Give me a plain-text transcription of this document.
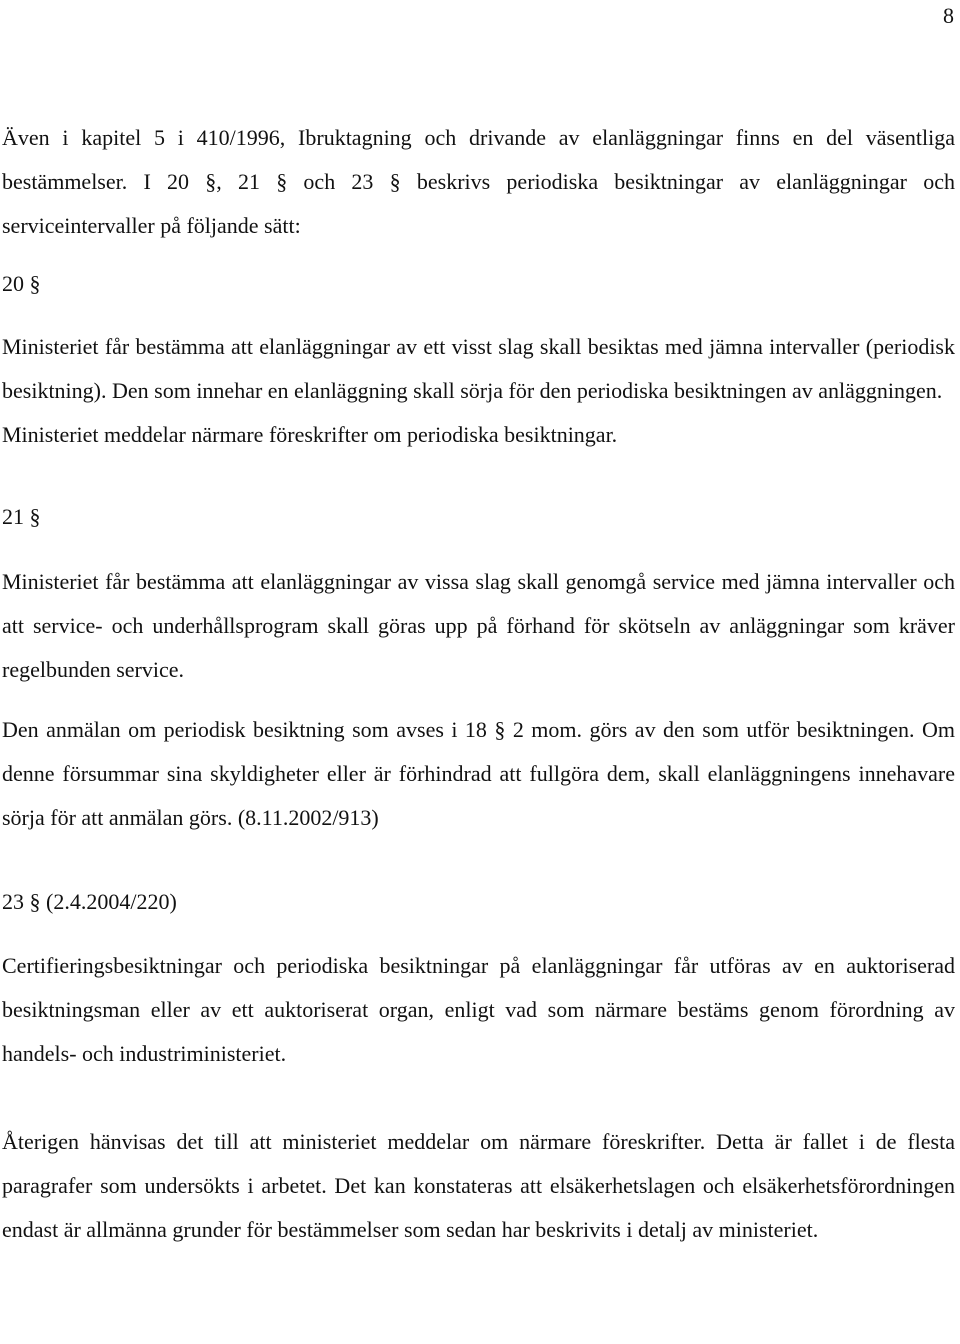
8

Även i kapitel 5 i 410/1996, Ibruktagning och drivande av elanläggningar finns en del väsentliga bestämmelser. I 20 §, 21 § och 23 § beskrivs periodiska besiktningar av elanläggningar och serviceintervaller på följande sätt:

20 §

Ministeriet får bestämma att elanläggningar av ett visst slag skall besiktas med jämna intervaller (periodisk besiktning). Den som innehar en elanläggning skall sörja för den periodiska besiktningen av anläggningen.

Ministeriet meddelar närmare föreskrifter om periodiska besiktningar.

21 §

Ministeriet får bestämma att elanläggningar av vissa slag skall genomgå service med jämna intervaller och att service- och underhållsprogram skall göras upp på förhand för skötseln av anläggningar som kräver regelbunden service.

Den anmälan om periodisk besiktning som avses i 18 § 2 mom. görs av den som utför besiktningen. Om denne försummar sina skyldigheter eller är förhindrad att fullgöra dem, skall elanläggningens innehavare sörja för att anmälan görs. (8.11.2002/913)

23 § (2.4.2004/220)

Certifieringsbesiktningar och periodiska besiktningar på elanläggningar får utföras av en auktoriserad besiktningsman eller av ett auktoriserat organ, enligt vad som närmare bestäms genom förordning av handels- och industriministeriet.

Återigen hänvisas det till att ministeriet meddelar om närmare föreskrifter. Detta är fallet i de flesta paragrafer som undersökts i arbetet. Det kan konstateras att elsäkerhetslagen och elsäkerhetsförordningen endast är allmänna grunder för bestämmelser som sedan har beskrivits i detalj av ministeriet.
